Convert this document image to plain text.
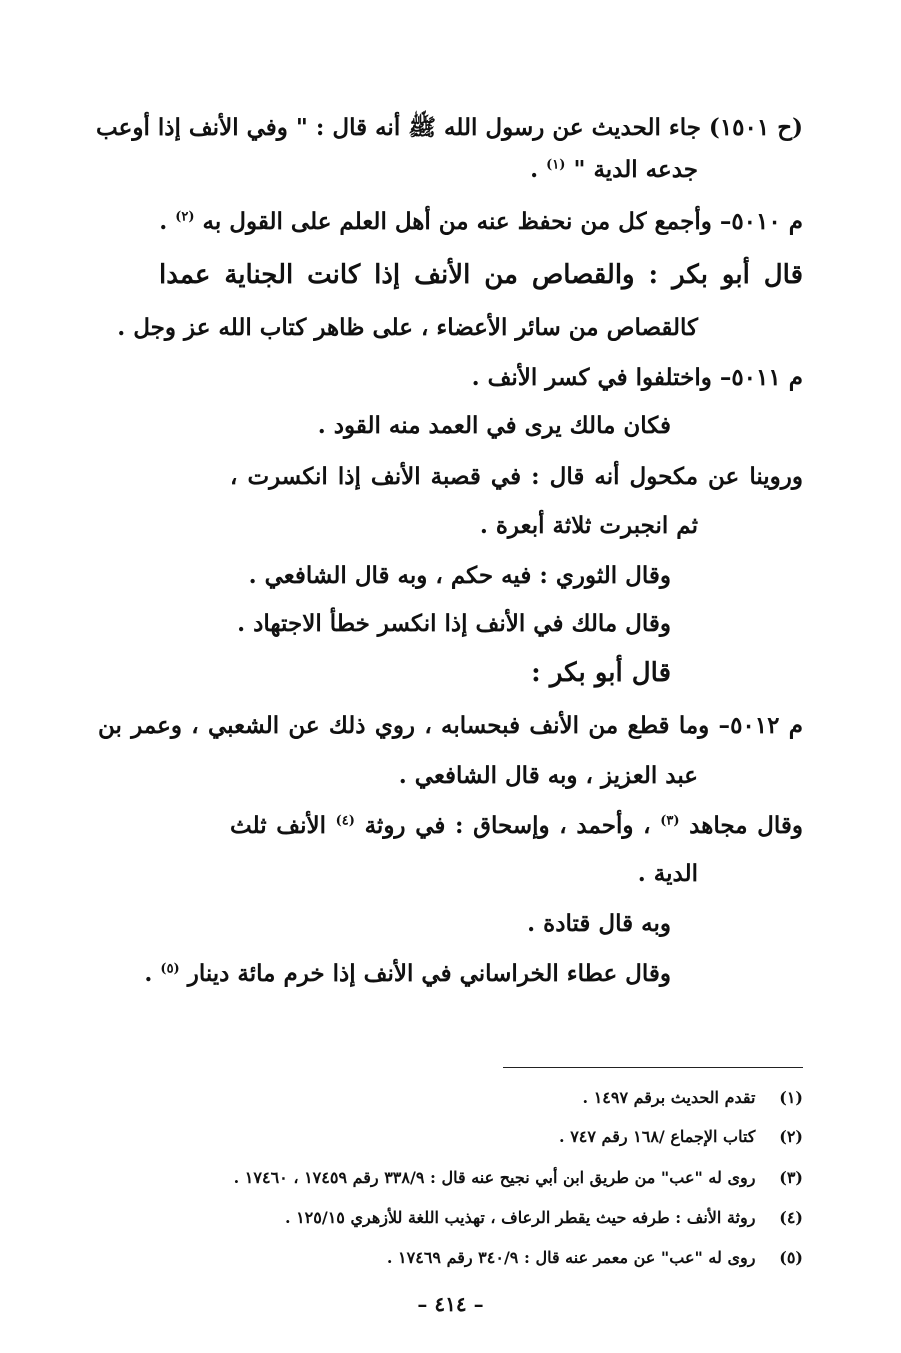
(ح ١٥٠١) جاء الحديث عن رسول الله ﷺ أنه قال : " وفي الأنف إذا أوعب
جدعه الدية " $^{(١)}$ .
م ٥٠١٠– وأجمع كل من نحفظ عنه من أهل العلم على القول به $^{(٢)}$ .
قال أبو بكر : والقصاص من الأنف إذا كانت الجناية عمدا
كالقصاص من سائر الأعضاء ، على ظاهر كتاب الله عز وجل .
م ٥٠١١– واختلفوا في كسر الأنف .
فكان مالك يرى في العمد منه القود .
وروينا عن مكحول أنه قال : في قصبة الأنف إذا انكسرت ،
ثم انجبرت ثلاثة أبعرة .
وقال الثوري : فيه حكم ، وبه قال الشافعي .
وقال مالك في الأنف إذا انكسر خطأ الاجتهاد .
قال أبو بكر :
م ٥٠١٢– وما قطع من الأنف فبحسابه ، روي ذلك عن الشعبي ، وعمر بن
عبد العزيز ، وبه قال الشافعي .
وقال مجاهد $^{(٣)}$ ، وأحمد ، وإسحاق : في روثة $^{(٤)}$ الأنف ثلث
الدية .
وبه قال قتادة .
وقال عطاء الخراساني في الأنف إذا خرم مائة دينار $^{(٥)}$ .
(١) تقدم الحديث برقم ١٤٩٧ .
(٢) كتاب الإجماع /١٦٨ رقم ٧٤٧ .
(٣) روى له "عب" من طريق ابن أبي نجيح عنه قال : ٣٣٨/٩ رقم ١٧٤٥٩ ، ١٧٤٦٠ .
(٤) روثة الأنف : طرفه حيث يقطر الرعاف ، تهذيب اللغة للأزهري ١٢٥/١٥ .
(٥) روى له "عب" عن معمر عنه قال : ٣٤٠/٩ رقم ١٧٤٦٩ .
– ٤١٤ –
